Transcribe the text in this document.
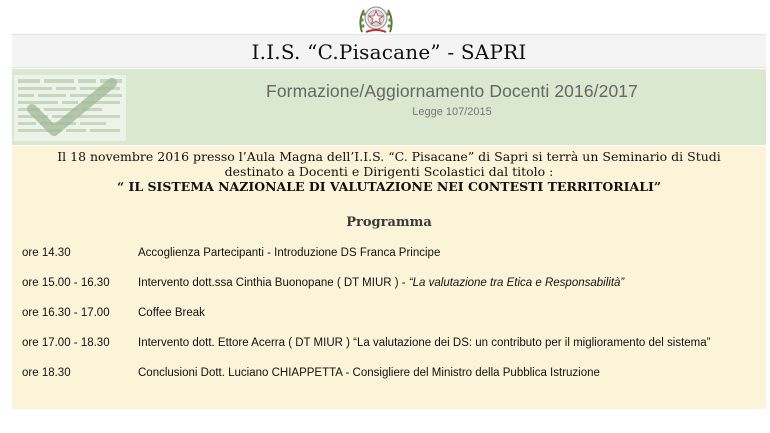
I.I.S. “C.Pisacane” - SAPRI
Formazione/Aggiornamento Docenti 2016/2017
Legge 107/2015
Il 18 novembre 2016 presso l’Aula Magna dell’I.I.S. “C. Pisacane” di Sapri si terrà un Seminario di Studi
destinato a Docenti e Dirigenti Scolastici dal titolo :
“ IL SISTEMA NAZIONALE DI VALUTAZIONE NEI CONTESTI TERRITORIALI”
Programma
ore 14.30	Accoglienza Partecipanti - Introduzione DS Franca Principe
ore 15.00 - 16.30 Intervento dott.ssa Cinthia Buonopane ( DT MIUR ) - “La valutazione tra Etica e Responsabilità”
ore 16.30 - 17.00 Coffee Break
ore 17.00 - 18.30 Intervento dott. Ettore Acerra ( DT MIUR ) “La valutazione dei DS: un contributo per il miglioramento del sistema”
ore 18.30	Conclusioni Dott. Luciano CHIAPPETTA - Consigliere del Ministro della Pubblica Istruzione
